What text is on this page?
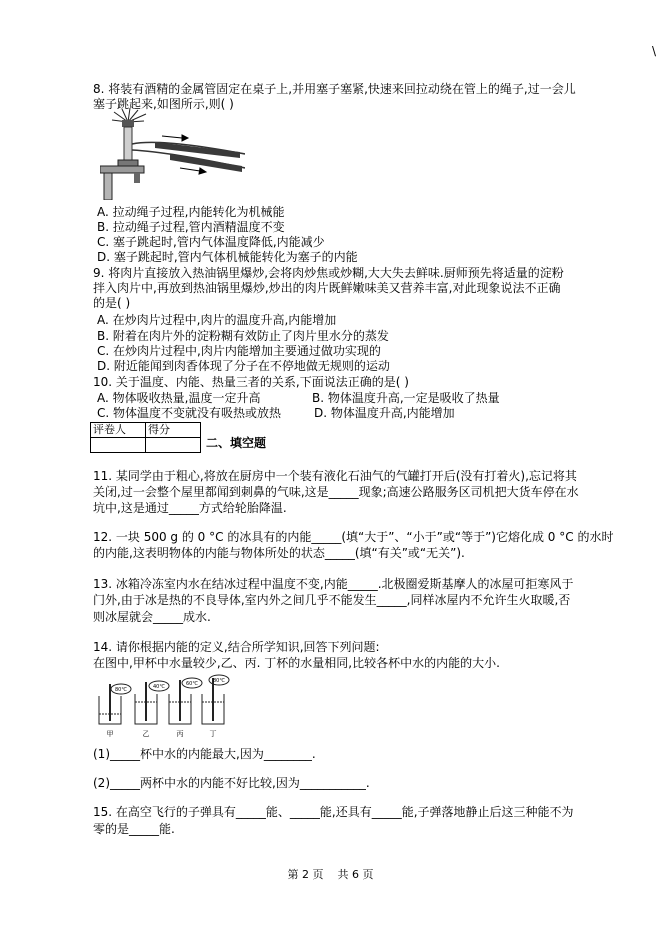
\
8. 将装有酒精的金属管固定在桌子上,并用塞子塞紧,快速来回拉动绕在管上的绳子,过一会儿
塞子跳起来,如图所示,则( )
A. 拉动绳子过程,内能转化为机械能
B. 拉动绳子过程,管内酒精温度不变
C. 塞子跳起时,管内气体温度降低,内能减少
D. 塞子跳起时,管内气体机械能转化为塞子的内能
9. 将肉片直接放入热油锅里爆炒,会将肉炒焦或炒糊,大大失去鲜味.厨师预先将适量的淀粉
拌入肉片中,再放到热油锅里爆炒,炒出的肉片既鲜嫩味美又营养丰富,对此现象说法不正确
的是( )
A. 在炒肉片过程中,肉片的温度升高,内能增加
B. 附着在肉片外的淀粉糊有效防止了肉片里水分的蒸发
C. 在炒肉片过程中,肉片内能增加主要通过做功实现的
D. 附近能闻到肉香体现了分子在不停地做无规则的运动
10. 关于温度、内能、热量三者的关系,下面说法正确的是( )
A. 物体吸收热量,温度一定升高	B. 物体温度升高,一定是吸收了热量
C. 物体温度不变就没有吸热或放热	D. 物体温度升高,内能增加
评卷人	得分

二、填空题
11. 某同学由于粗心,将放在厨房中一个装有液化石油气的气罐打开后(没有打着火),忘记将其
关闭,过一会整个屋里都闻到刺鼻的气味,这是_____现象;高速公路服务区司机把大货车停在水
坑中,这是通过_____方式给轮胎降温.
12. 一块 500 g 的 0 °C 的冰具有的内能_____(填“大于”、“小于”或“等于”)它熔化成 0 °C 的水时
的内能,这表明物体的内能与物体所处的状态_____(填“有关”或“无关”).
13. 冰箱冷冻室内水在结冰过程中温度不变,内能_____.北极圈爱斯基摩人的冰屋可拒寒风于
门外,由于冰是热的不良导体,室内外之间几乎不能发生_____,同样冰屋内不允许生火取暖,否
则冰屋就会_____成水.
14. 请你根据内能的定义,结合所学知识,回答下列问题:
在图中,甲杯中水量较少,乙、丙. 丁杯的水量相同,比较各杯中水的内能的大小.
80℃	40℃	60℃	80℃
甲	乙	丙	丁
(1)_____杯中水的内能最大,因为________.
(2)_____两杯中水的内能不好比较,因为___________.
15. 在高空飞行的子弹具有_____能、_____能,还具有_____能,子弹落地静止后这三种能不为
零的是_____能.
第 2 页    共 6 页
